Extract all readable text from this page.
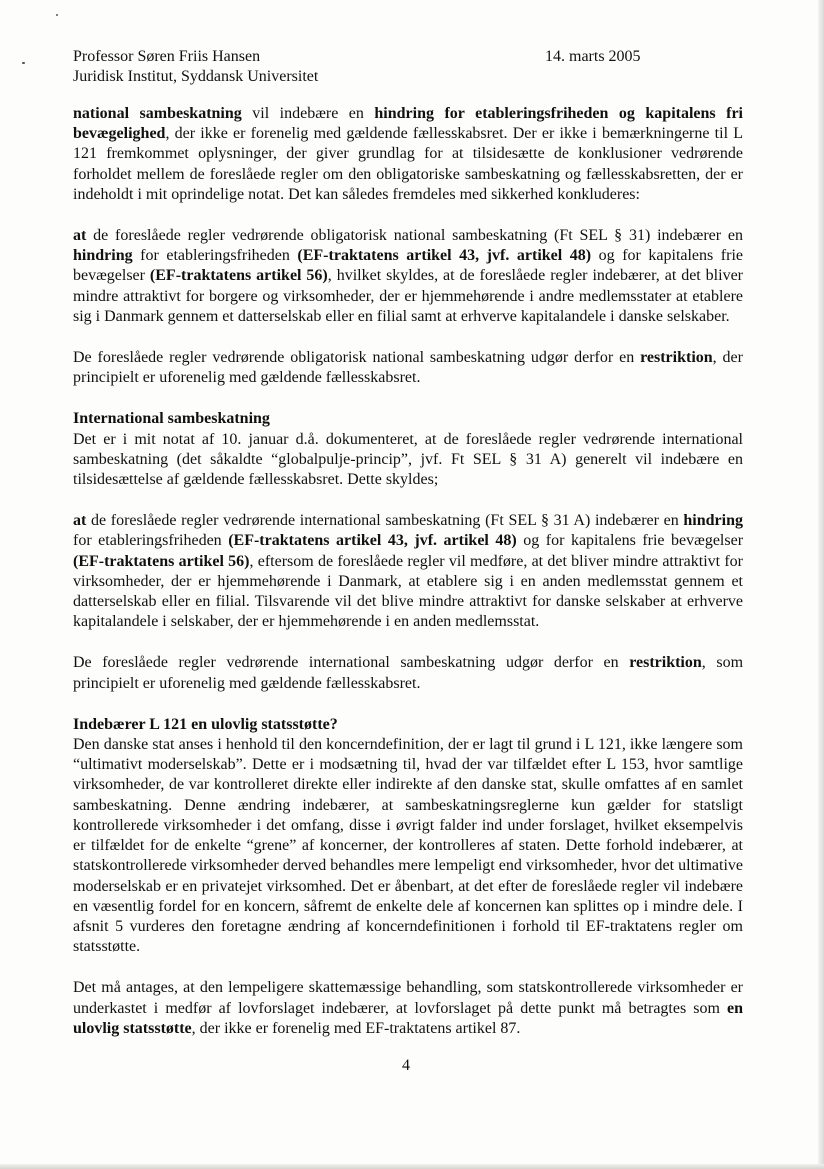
Professor Søren Friis Hansen
Juridisk Institut, Syddansk Universitet
14. marts 2005

national sambeskatning vil indebære en hindring for etableringsfriheden og kapitalens fri bevægelighed, der ikke er forenelig med gældende fællesskabsret. Der er ikke i bemærkningerne til L 121 fremkommet oplysninger, der giver grundlag for at tilsidesætte de konklusioner vedrørende forholdet mellem de foreslåede regler om den obligatoriske sambeskatning og fællesskabsretten, der er indeholdt i mit oprindelige notat. Det kan således fremdeles med sikkerhed konkluderes:

at de foreslåede regler vedrørende obligatorisk national sambeskatning (Ft SEL § 31) indebærer en hindring for etableringsfriheden (EF-traktatens artikel 43, jvf. artikel 48) og for kapitalens frie bevægelser (EF-traktatens artikel 56), hvilket skyldes, at de foreslåede regler indebærer, at det bliver mindre attraktivt for borgere og virksomheder, der er hjemmehørende i andre medlemsstater at etablere sig i Danmark gennem et datterselskab eller en filial samt at erhverve kapitalandele i danske selskaber.

De foreslåede regler vedrørende obligatorisk national sambeskatning udgør derfor en restriktion, der principielt er uforenelig med gældende fællesskabsret.

International sambeskatning

Det er i mit notat af 10. januar d.å. dokumenteret, at de foreslåede regler vedrørende international sambeskatning (det såkaldte “globalpulje-princip”, jvf. Ft SEL § 31 A) generelt vil indebære en tilsidesættelse af gældende fællesskabsret. Dette skyldes;

at de foreslåede regler vedrørende international sambeskatning (Ft SEL § 31 A) indebærer en hindring for etableringsfriheden (EF-traktatens artikel 43, jvf. artikel 48) og for kapitalens frie bevægelser (EF-traktatens artikel 56), eftersom de foreslåede regler vil medføre, at det bliver mindre attraktivt for virksomheder, der er hjemmehørende i Danmark, at etablere sig i en anden medlemsstat gennem et datterselskab eller en filial. Tilsvarende vil det blive mindre attraktivt for danske selskaber at erhverve kapitalandele i selskaber, der er hjemmehørende i en anden medlemsstat.

De foreslåede regler vedrørende international sambeskatning udgør derfor en restriktion, som principielt er uforenelig med gældende fællesskabsret.

Indebærer L 121 en ulovlig statsstøtte?

Den danske stat anses i henhold til den koncerndefinition, der er lagt til grund i L 121, ikke længere som “ultimativt moderselskab”. Dette er i modsætning til, hvad der var tilfældet efter L 153, hvor samtlige virksomheder, de var kontrolleret direkte eller indirekte af den danske stat, skulle omfattes af en samlet sambeskatning. Denne ændring indebærer, at sambeskatningsreglerne kun gælder for statsligt kontrollerede virksomheder i det omfang, disse i øvrigt falder ind under forslaget, hvilket eksempelvis er tilfældet for de enkelte “grene” af koncerner, der kontrolleres af staten. Dette forhold indebærer, at statskontrollerede virksomheder derved behandles mere lempeligt end virksomheder, hvor det ultimative moderselskab er en privatejet virksomhed. Det er åbenbart, at det efter de foreslåede regler vil indebære en væsentlig fordel for en koncern, såfremt de enkelte dele af koncernen kan splittes op i mindre dele. I afsnit 5 vurderes den foretagne ændring af koncerndefinitionen i forhold til EF-traktatens regler om statsstøtte.

Det må antages, at den lempeligere skattemæssige behandling, som statskontrollerede virksomheder er underkastet i medfør af lovforslaget indebærer, at lovforslaget på dette punkt må betragtes som en ulovlig statsstøtte, der ikke er forenelig med EF-traktatens artikel 87.

4
